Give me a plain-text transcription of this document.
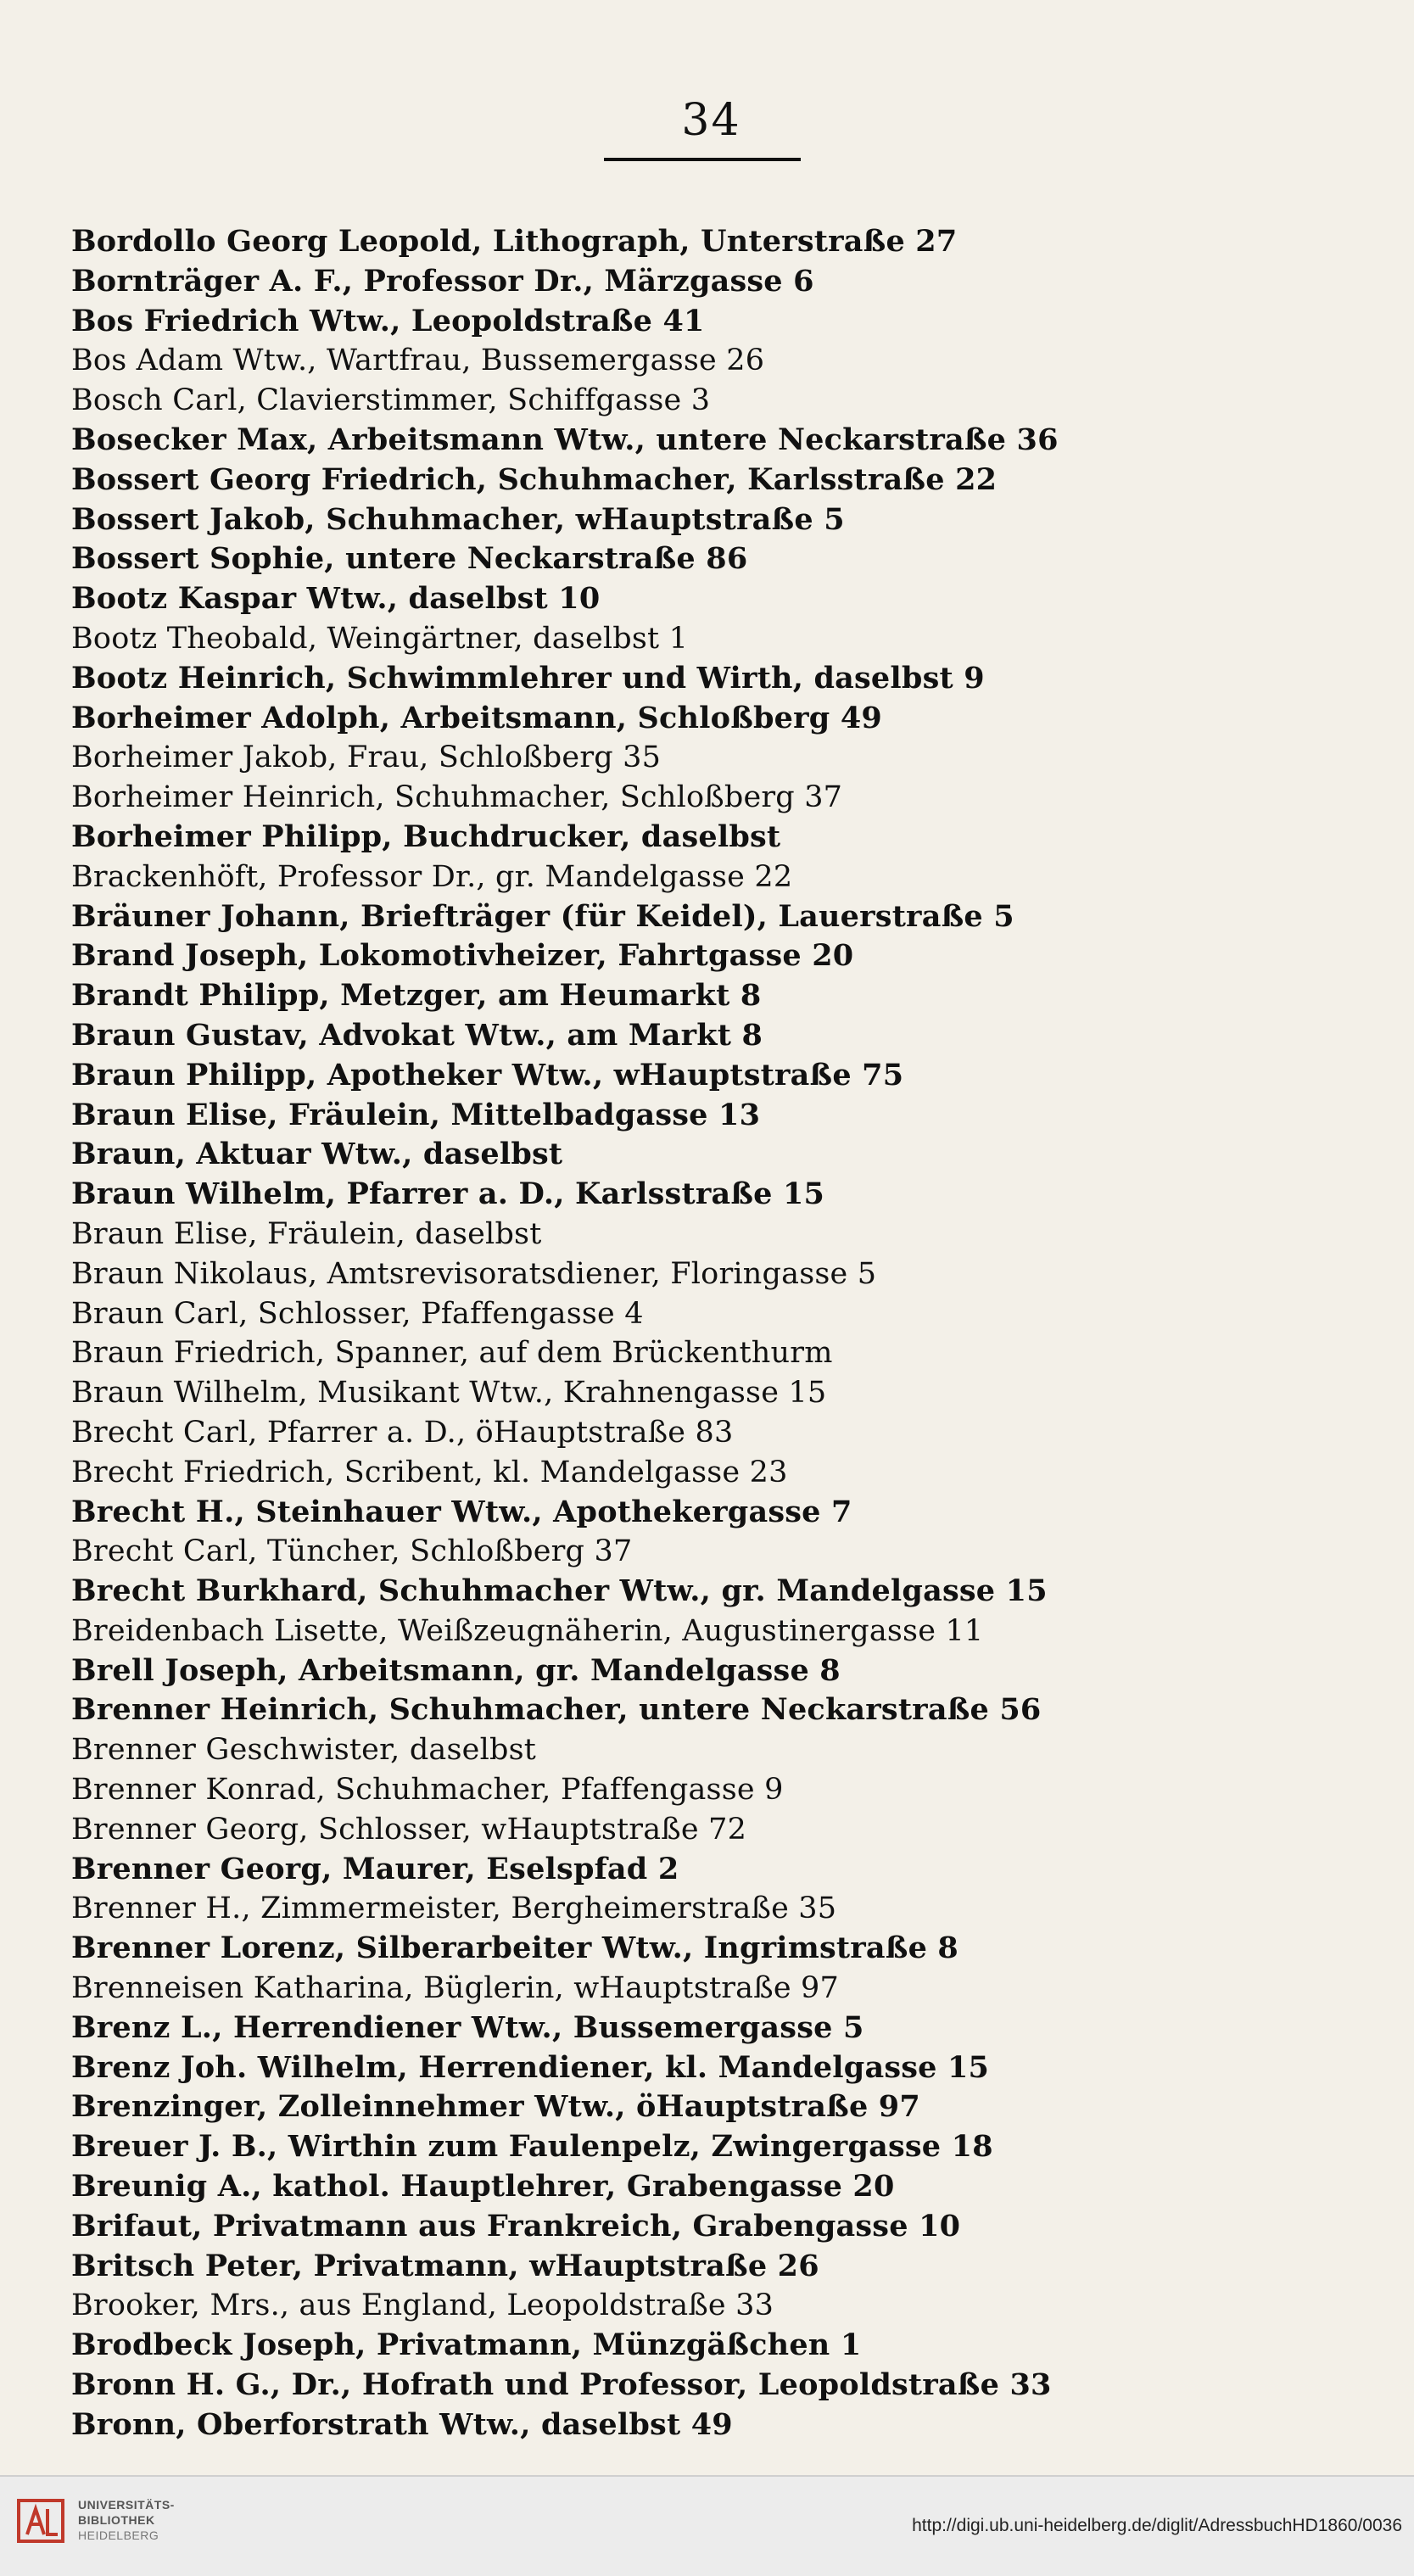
34
Bordollo Georg Leopold, Lithograph, Unterstraße 27
Bornträger A. F., Professor Dr., Märzgasse 6
Bos Friedrich Wtw., Leopoldstraße 41
Bos Adam Wtw., Wartfrau, Bussemergasse 26
Bosch Carl, Clavierstimmer, Schiffgasse 3
Bosecker Max, Arbeitsmann Wtw., untere Neckarstraße 36
Bossert Georg Friedrich, Schuhmacher, Karlsstraße 22
Bossert Jakob, Schuhmacher, wHauptstraße 5
Bossert Sophie, untere Neckarstraße 86
Bootz Kaspar Wtw., daselbst 10
Bootz Theobald, Weingärtner, daselbst 1
Bootz Heinrich, Schwimmlehrer und Wirth, daselbst 9
Borheimer Adolph, Arbeitsmann, Schloßberg 49
Borheimer Jakob, Frau, Schloßberg 35
Borheimer Heinrich, Schuhmacher, Schloßberg 37
Borheimer Philipp, Buchdrucker, daselbst
Brackenhöft, Professor Dr., gr. Mandelgasse 22
Bräuner Johann, Briefträger (für Keidel), Lauerstraße 5
Brand Joseph, Lokomotivheizer, Fahrtgasse 20
Brandt Philipp, Metzger, am Heumarkt 8
Braun Gustav, Advokat Wtw., am Markt 8
Braun Philipp, Apotheker Wtw., wHauptstraße 75
Braun Elise, Fräulein, Mittelbadgasse 13
Braun, Aktuar Wtw., daselbst
Braun Wilhelm, Pfarrer a. D., Karlsstraße 15
Braun Elise, Fräulein, daselbst
Braun Nikolaus, Amtsrevisoratsdiener, Floringasse 5
Braun Carl, Schlosser, Pfaffengasse 4
Braun Friedrich, Spanner, auf dem Brückenthurm
Braun Wilhelm, Musikant Wtw., Krahnengasse 15
Brecht Carl, Pfarrer a. D., öHauptstraße 83
Brecht Friedrich, Scribent, kl. Mandelgasse 23
Brecht H., Steinhauer Wtw., Apothekergasse 7
Brecht Carl, Tüncher, Schloßberg 37
Brecht Burkhard, Schuhmacher Wtw., gr. Mandelgasse 15
Breidenbach Lisette, Weißzeugnäherin, Augustinergasse 11
Brell Joseph, Arbeitsmann, gr. Mandelgasse 8
Brenner Heinrich, Schuhmacher, untere Neckarstraße 56
Brenner Geschwister, daselbst
Brenner Konrad, Schuhmacher, Pfaffengasse 9
Brenner Georg, Schlosser, wHauptstraße 72
Brenner Georg, Maurer, Eselspfad 2
Brenner H., Zimmermeister, Bergheimerstraße 35
Brenner Lorenz, Silberarbeiter Wtw., Ingrimstraße 8
Brenneisen Katharina, Büglerin, wHauptstraße 97
Brenz L., Herrendiener Wtw., Bussemergasse 5
Brenz Joh. Wilhelm, Herrendiener, kl. Mandelgasse 15
Brenzinger, Zolleinnehmer Wtw., öHauptstraße 97
Breuer J. B., Wirthin zum Faulenpelz, Zwingergasse 18
Breunig A., kathol. Hauptlehrer, Grabengasse 20
Brifaut, Privatmann aus Frankreich, Grabengasse 10
Britsch Peter, Privatmann, wHauptstraße 26
Brooker, Mrs., aus England, Leopoldstraße 33
Brodbeck Joseph, Privatmann, Münzgäßchen 1
Bronn H. G., Dr., Hofrath und Professor, Leopoldstraße 33
Bronn, Oberforstrath Wtw., daselbst 49
UNIVERSITÄTS-
BIBLIOTHEK
HEIDELBERG	http://digi.ub.uni-heidelberg.de/diglit/AdressbuchHD1860/0036
